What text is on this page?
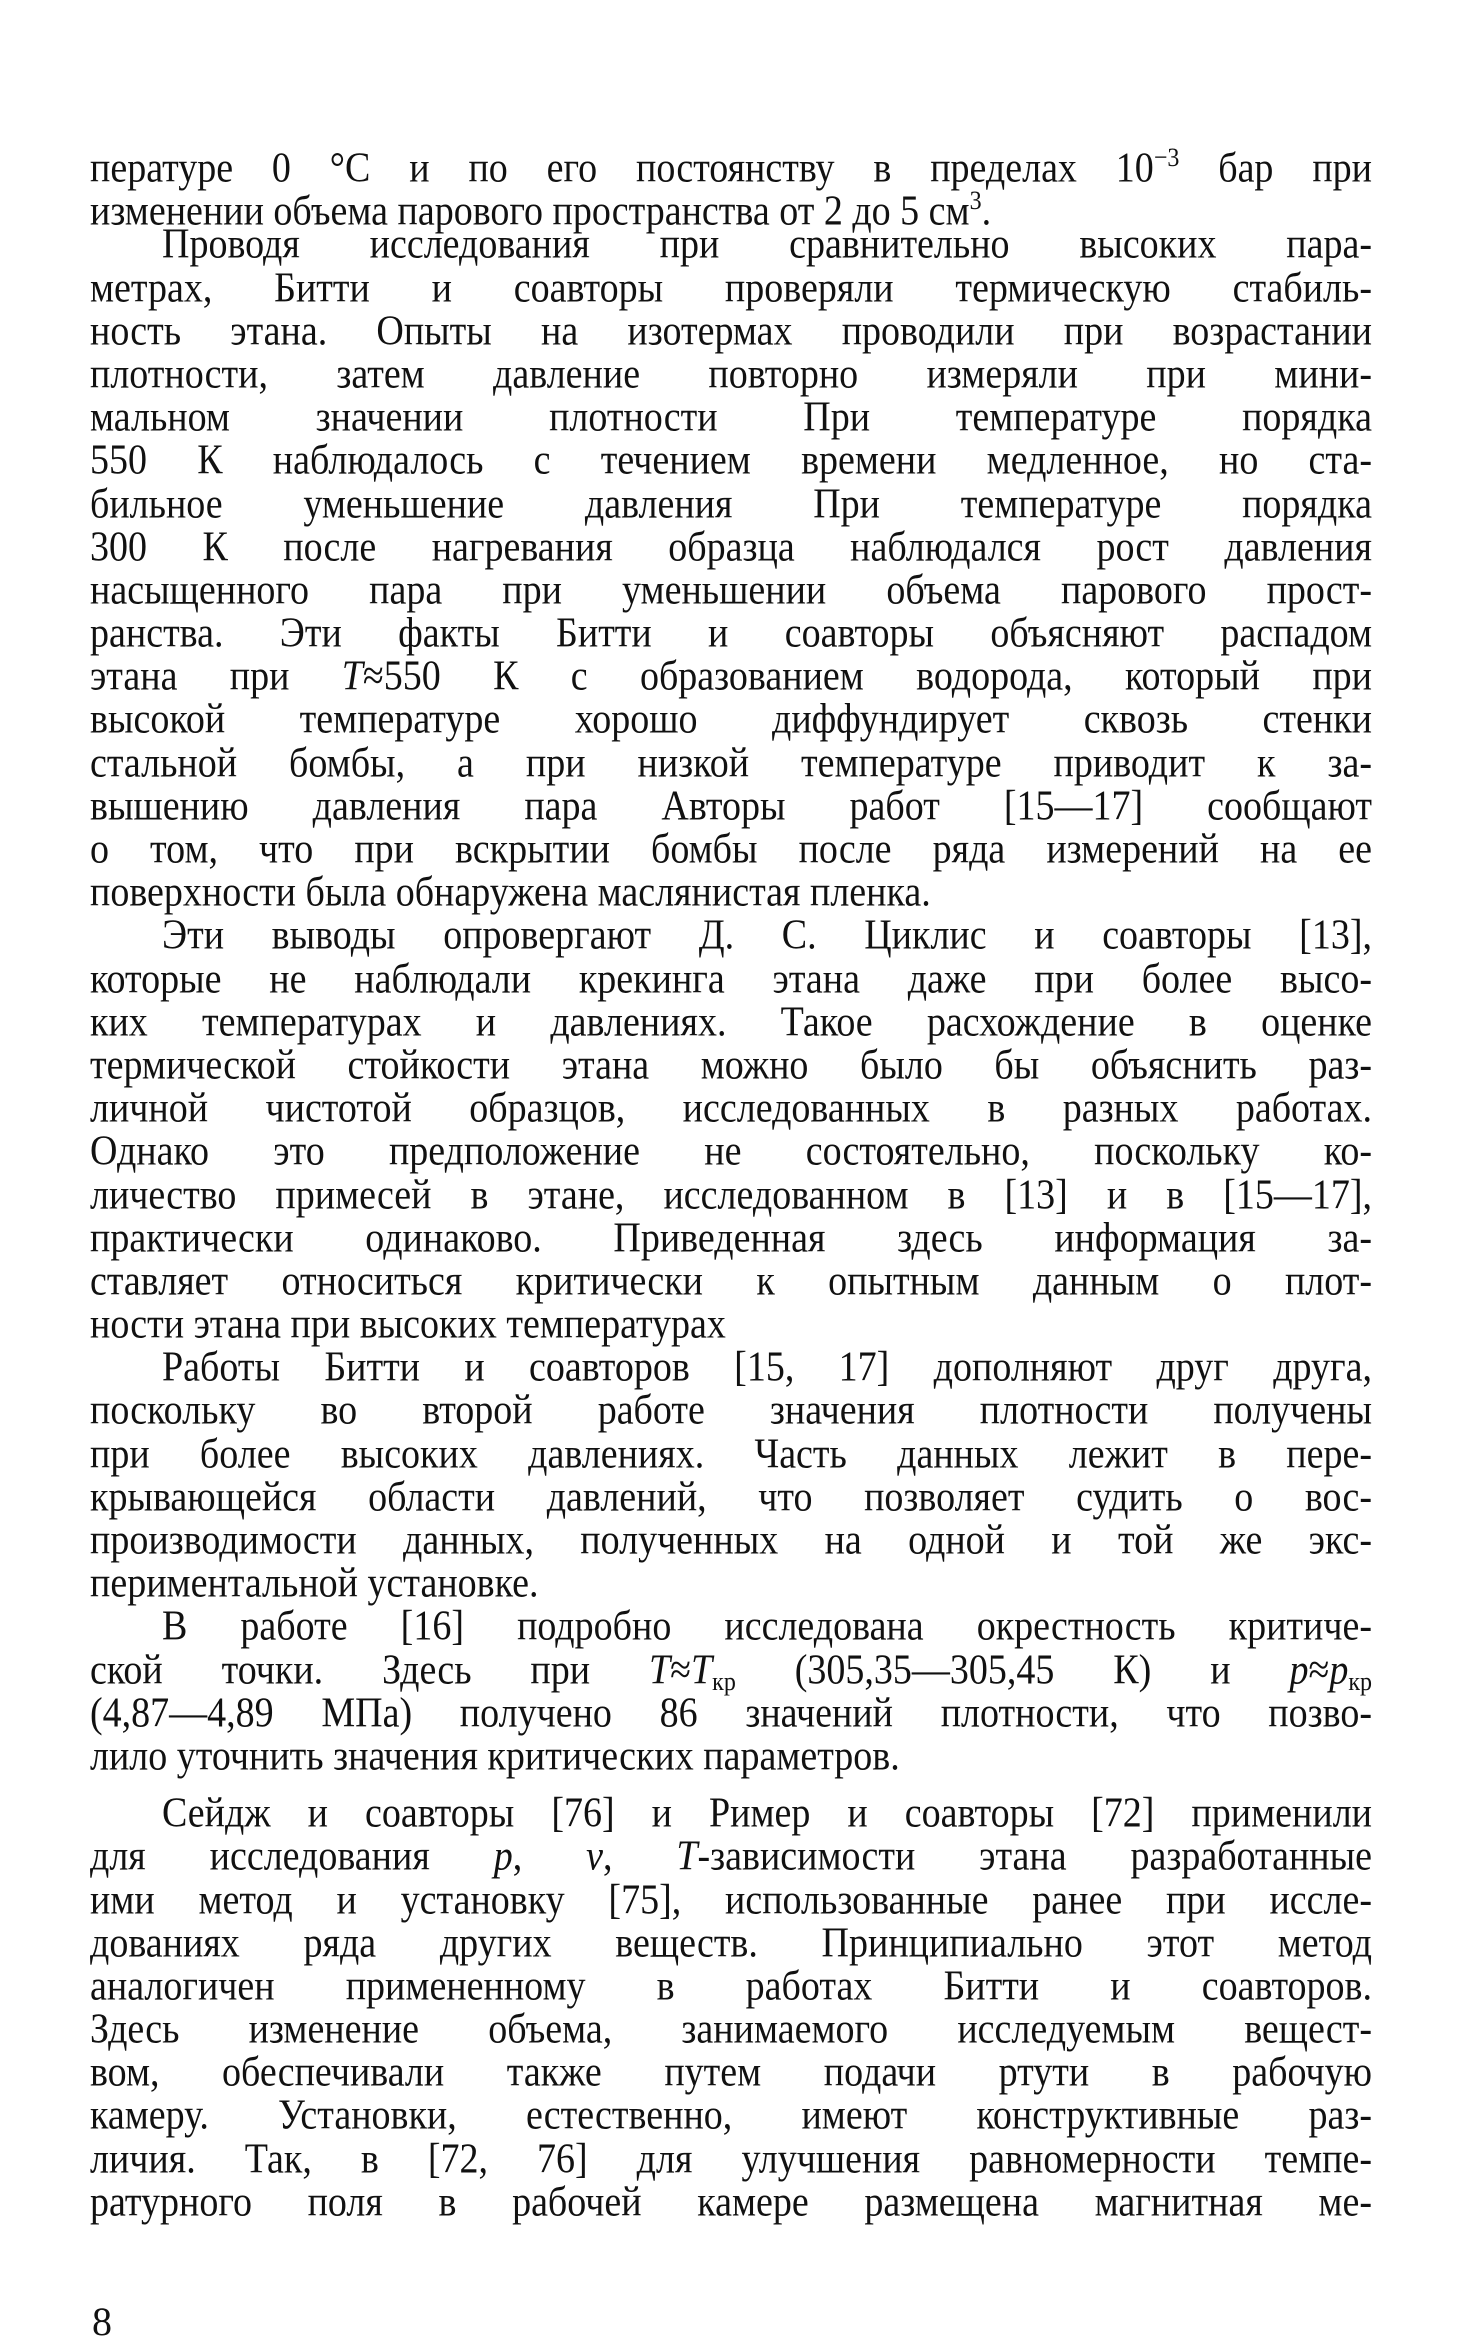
пературе 0 °С и по его постоянству в пределах $10^{-3}$ бар при
изменении объема парового пространства от 2 до 5 $см^3$.
Проводя исследования при сравнительно высоких пара-
метрах, Битти и соавторы проверяли термическую стабиль-
ность этана. Опыты на изотермах проводили при возрастании
плотности, затем давление повторно измеряли при мини-
мальном значении плотности При температуре порядка
550 К наблюдалось с течением времени медленное, но ста-
бильное уменьшение давления При температуре порядка
300 К после нагревания образца наблюдался рост давления
насыщенного пара при уменьшении объема парового прост-
ранства. Эти факты Битти и соавторы объясняют распадом
этана при T≈550 К с образованием водорода, который при
высокой температуре хорошо диффундирует сквозь стенки
стальной бомбы, а при низкой температуре приводит к за-
вышению давления пара Авторы работ [15—17] сообщают
о том, что при вскрытии бомбы после ряда измерений на ее
поверхности была обнаружена маслянистая пленка.
Эти выводы опровергают Д. С. Циклис и соавторы [13],
которые не наблюдали крекинга этана даже при более высо-
ких температурах и давлениях. Такое расхождение в оценке
термической стойкости этана можно было бы объяснить раз-
личной чистотой образцов, исследованных в разных работах.
Однако это предположение не состоятельно, поскольку ко-
личество примесей в этане, исследованном в [13] и в [15—17],
практически одинаково. Приведенная здесь информация за-
ставляет относиться критически к опытным данным о плот-
ности этана при высоких температурах
Работы Битти и соавторов [15, 17] дополняют друг друга,
поскольку во второй работе значения плотности получены
при более высоких давлениях. Часть данных лежит в пере-
крывающейся области давлений, что позволяет судить о вос-
производимости данных, полученных на одной и той же экс-
периментальной установке.
В работе [16] подробно исследована окрестность критиче-
ской точки. Здесь при $T\approx T_{кр}$ (305,35—305,45 К) и $p\approx p_{кр}$
(4,87—4,89 МПа) получено 86 значений плотности, что позво-
лило уточнить значения критических параметров.
Сейдж и соавторы [76] и Ример и соавторы [72] применили
для исследования p, v, T-зависимости этана разработанные
ими метод и установку [75], использованные ранее при иссле-
дованиях ряда других веществ. Принципиально этот метод
аналогичен примененному в работах Битти и соавторов.
Здесь изменение объема, занимаемого исследуемым вещест-
вом, обеспечивали также путем подачи ртути в рабочую
камеру. Установки, естественно, имеют конструктивные раз-
личия. Так, в [72, 76] для улучшения равномерности темпе-
ратурного поля в рабочей камере размещена магнитная ме-
8
